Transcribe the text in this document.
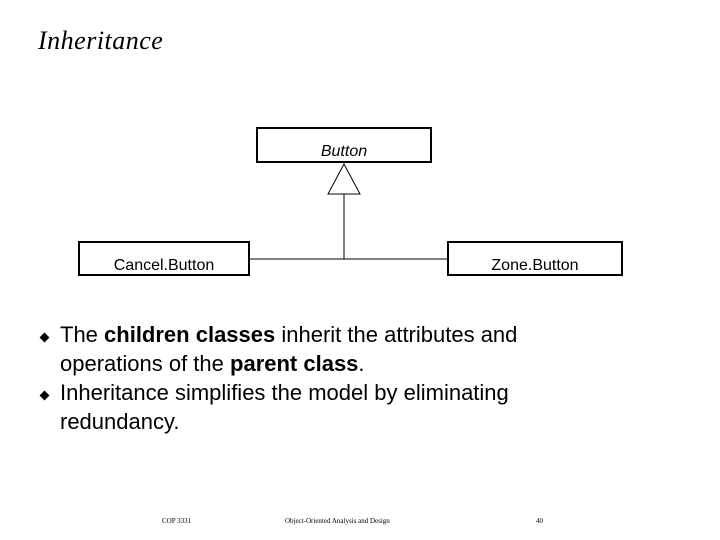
Inheritance
Button
Cancel.Button	Zone.Button
The children classes inherit the attributes and operations of the parent class.
Inheritance simplifies the model by eliminating redundancy.
COP 3331	Object-Oriented Analysis and Design	40
